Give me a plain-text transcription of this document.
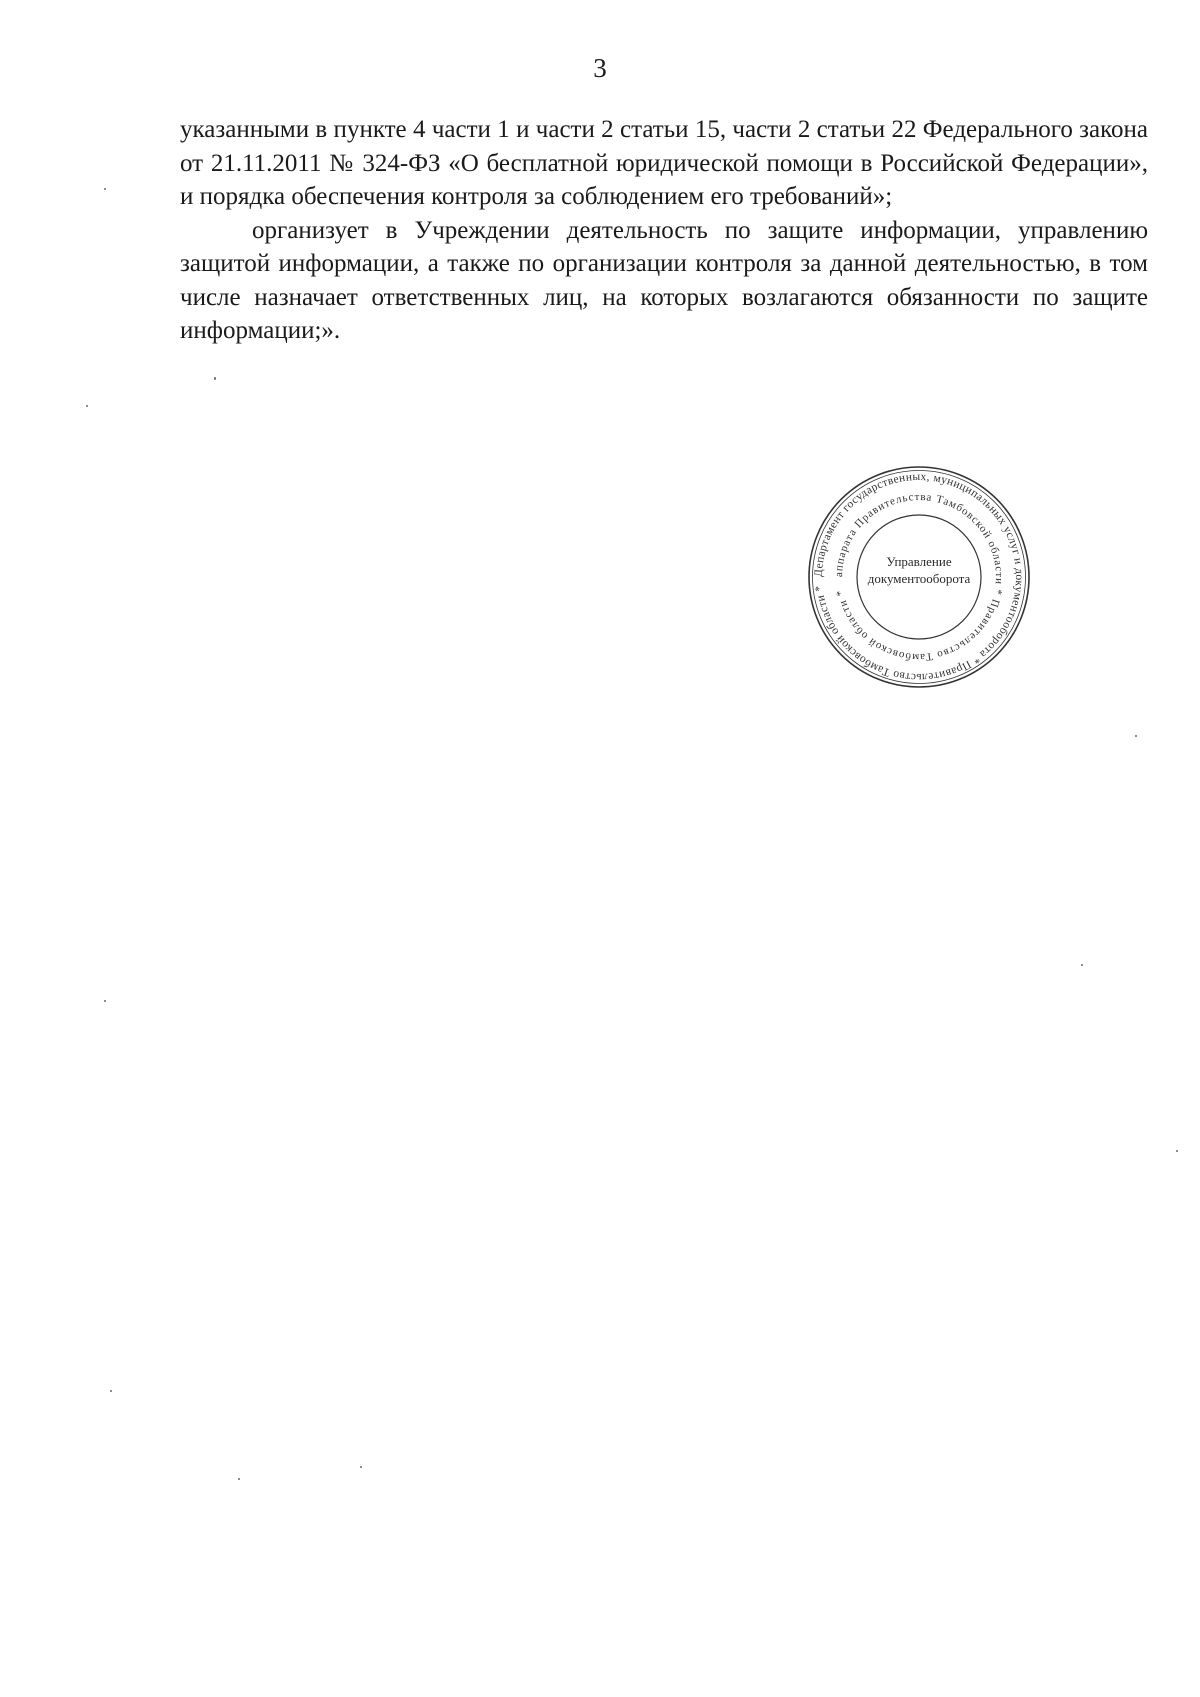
3

указанными в пункте 4 части 1 и части 2 статьи 15, части 2 статьи 22 Федерального закона от 21.11.2011 № 324-ФЗ «О бесплатной юридической помощи в Российской Федерации», и порядка обеспечения контроля за соблюдением его требований»;

организует в Учреждении деятельность по защите информации, управлению защитой информации, а также по организации контроля за данной деятельностью, в том числе назначает ответственных лиц, на которых возлагаются обязанности по защите информации;».

Департамент государственных, муниципальных услуг и документооборота * Правительство Тамбовской области *
аппарата Правительства Тамбовской области * Правительство Тамбовской области *
Управление
документооборота
